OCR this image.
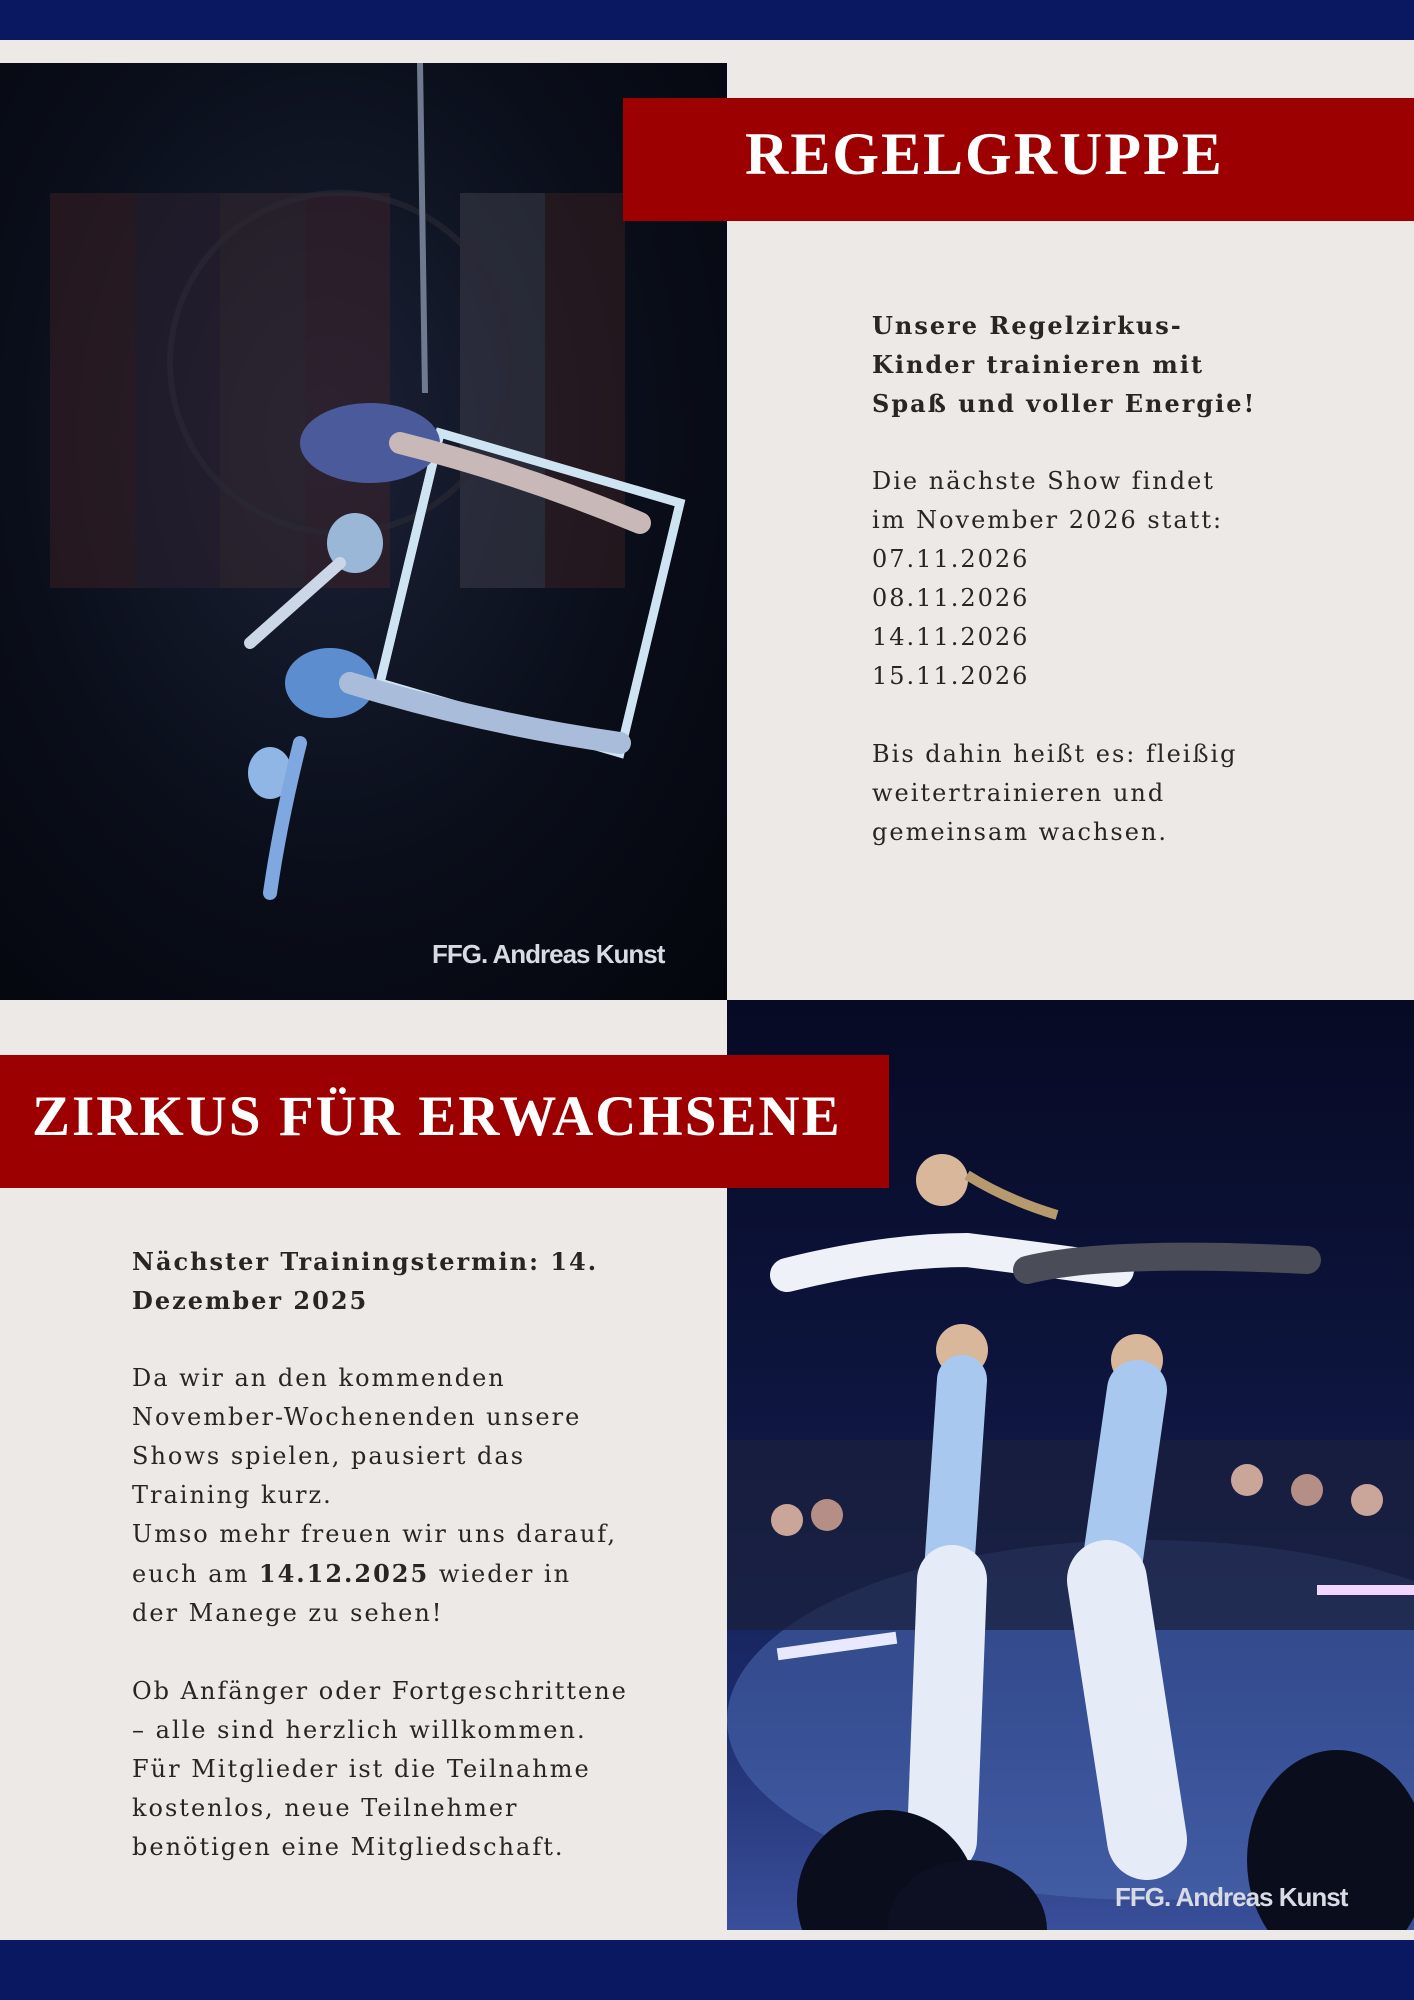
FFG. Andreas Kunst
REGELGRUPPE

Unsere Regelzirkus-

Kinder trainieren mit

Spaß und voller Energie!

Die nächste Show findet

im November 2026 statt:

07.11.2026

08.11.2026

14.11.2026

15.11.2026

Bis dahin heißt es: fleißig

weitertrainieren und

gemeinsam wachsen.

FFG. Andreas Kunst
ZIRKUS FÜR ERWACHSENE

Nächster Trainingstermin: 14.

Dezember 2025

Da wir an den kommenden

November-Wochenenden unsere

Shows spielen, pausiert das

Training kurz.

Umso mehr freuen wir uns darauf,

euch am 14.12.2025 wieder in

der Manege zu sehen!

Ob Anfänger oder Fortgeschrittene

– alle sind herzlich willkommen.

Für Mitglieder ist die Teilnahme

kostenlos, neue Teilnehmer

benötigen eine Mitgliedschaft.
